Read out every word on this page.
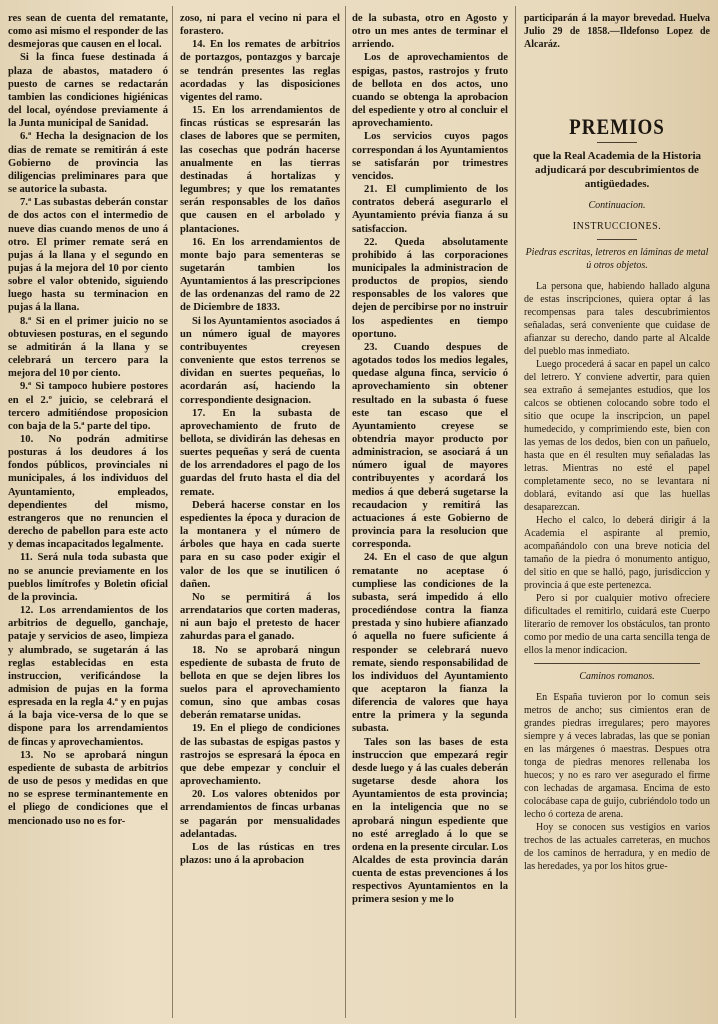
res sean de cuenta del rematante, como asi mismo el responder de las desmejoras que causen en el local.

Si la finca fuese destinada á plaza de abastos, matadero ó puesto de carnes se redactarán tambien las condiciones higiénicas del local, oyéndose previamente á la Junta municipal de Sanidad.

6.ª Hecha la designacion de los dias de remate se remitirán á este Gobierno de provincia las diligencias preliminares para que se autorice la subasta.

7.ª Las subastas deberán constar de dos actos con el intermedio de nueve dias cuando menos de uno á otro. El primer remate será en pujas á la llana y el segundo en pujas á la mejora del 10 por ciento sobre el valor obtenido, siguiendo luego hasta su terminacion en pujas á la llana.

8.ª Si en el primer juicio no se obtuviesen posturas, en el segundo se admitirán á la llana y se celebrará un tercero para la mejora del 10 por ciento.

9.ª Si tampoco hubiere postores en el 2.º juicio, se celebrará el tercero admitiéndose proposicion con baja de la 5.ª parte del tipo.

10. No podrán admitirse posturas á los deudores á los fondos públicos, provinciales ni municipales, á los individuos del Ayuntamiento, empleados, dependientes del mismo, estrangeros que no renuncien el derecho de pabellon para este acto y demas incapacitados legalmente.

11. Será nula toda subasta que no se anuncie previamente en los pueblos limítrofes y Boletin oficial de la provincia.

12. Los arrendamientos de los arbitrios de deguello, ganchaje, pataje y servicios de aseo, limpieza y alumbrado, se sugetarán á las reglas establecidas en esta instruccion, verificándose la admision de pujas en la forma espresada en la regla 4.ª y en pujas á la baja vice-versa de lo que se dispone para los arrendamientos de fincas y aprovechamientos.

13. No se aprobará ningun espediente de subasta de arbitrios de uso de pesos y medidas en que no se esprese terminantemente en el pliego de condiciones que el mencionado uso no es for-

zoso, ni para el vecino ni para el forastero.

14. En los remates de arbitrios de portazgos, pontazgos y barcaje se tendrán presentes las reglas acordadas y las disposiciones vigentes del ramo.

15. En los arrendamientos de fincas rústicas se espresarán las clases de labores que se permiten, las cosechas que podrán hacerse anualmente en las tierras destinadas á hortalizas y legumbres; y que los rematantes serán responsables de los daños que causen en el arbolado y plantaciones.

16. En los arrendamientos de monte bajo para sementeras se sugetarán tambien los Ayuntamientos á las prescripciones de las ordenanzas del ramo de 22 de Diciembre de 1833.

Si los Ayuntamientos asociados á un número igual de mayores contribuyentes creyesen conveniente que estos terrenos se dividan en suertes pequeñas, lo acordarán así, haciendo la correspondiente designacion.

17. En la subasta de aprovechamiento de fruto de bellota, se dividirán las dehesas en suertes pequeñas y será de cuenta de los arrendadores el pago de los guardas del fruto hasta el dia del remate.

Deberá hacerse constar en los espedientes la época y duracion de la montanera y el número de árboles que haya en cada suerte para en su caso poder exigir el valor de los que se inutilicen ó dañen.

No se permitirá á los arrendatarios que corten maderas, ni aun bajo el pretesto de hacer zahurdas para el ganado.

18. No se aprobará ningun espediente de subasta de fruto de bellota en que se dejen libres los suelos para el aprovechamiento comun, sino que ambas cosas deberán rematarse unidas.

19. En el pliego de condiciones de las subastas de espigas pastos y rastrojos se espresará la época en que debe empezar y concluir el aprovechamiento.

20. Los valores obtenidos por arrendamientos de fincas urbanas se pagarán por mensualidades adelantadas.

Los de las rústicas en tres plazos: uno á la aprobacion

de la subasta, otro en Agosto y otro un mes antes de terminar el arriendo.

Los de aprovechamientos de espigas, pastos, rastrojos y fruto de bellota en dos actos, uno cuando se obtenga la aprobacion del espediente y otro al concluir el aprovechamiento.

Los servicios cuyos pagos correspondan á los Ayuntamientos se satisfarán por trimestres vencidos.

21. El cumplimiento de los contratos deberá asegurarlo el Ayuntamiento prévia fianza á su satisfaccion.

22. Queda absolutamente prohibido á las corporaciones municipales la administracion de productos de propios, siendo responsables de los valores que dejen de percibirse por no instruir los aspedientes en tiempo oportuno.

23. Cuando despues de agotados todos los medios legales, quedase alguna finca, servicio ó aprovechamiento sin obtener resultado en la subasta ó fuese este tan escaso que el Ayuntamiento creyese se obtendria mayor producto por administracion, se asociará á un número igual de mayores contribuyentes y acordará los medios á que deberá sugetarse la recaudacion y remitirá las actuaciones á este Gobierno de provincia para la resolucion que corresponda.

24. En el caso de que algun rematante no aceptase ó cumpliese las condiciones de la subasta, será impedido á ello procediéndose contra la fianza prestada y sino hubiere afianzado ó aquella no fuere suficiente á responder se celebrará nuevo remate, siendo responsabilidad de los individuos del Ayuntamiento que aceptaron la fianza la diferencia de valores que haya entre la primera y la segunda subasta.

Tales son las bases de esta instruccion que empezará regir desde luego y á las cuales deberán sugetarse desde ahora los Ayuntamientos de esta provincia; en la inteligencia que no se aprobará ningun espediente que no esté arreglado á lo que se ordena en la presente circular. Los Alcaldes de esta provincia darán cuenta de estas prevenciones á los respectivos Ayuntamientos en la primera sesion y me lo

participarán á la mayor brevedad. Huelva Julio 29 de 1858.—Ildefonso Lopez de Alcaráz.

PREMIOS

que la Real Academia de la Historia adjudicará por descubrimientos de antigüedades.

Continuacion.

INSTRUCCIONES.

Piedras escritas, letreros en láminas de metal ú otros objetos.

La persona que, habiendo hallado alguna de estas inscripciones, quiera optar á las recompensas para tales descubrimientos señaladas, será conveniente que cuidase de afianzar su derecho, dando parte al Alcalde del pueblo mas inmediato.

Luego procederá á sacar en papel un calco del letrero. Y conviene advertir, para quien sea extraño á semejantes estudios, que los calcos se obtienen colocando sobre todo el sitio que ocupe la inscripcion, un papel humedecido, y comprimiendo este, bien con las yemas de los dedos, bien con un pañuelo, hasta que en él resulten muy señaladas las letras. Mientras no esté el papel completamente seco, no se levantara ni doblará, evitando así que las huellas desaparezcan.

Hecho el calco, lo deberá dirigir á la Academia el aspirante al premio, acompañándolo con una breve noticia del tamaño de la piedra ó monumento antiguo, del sitio en que se halló, pago, jurisdiccion y provincia á que este pertenezca.

Pero si por cualquier motivo ofreciere dificultades el remitirlo, cuidará este Cuerpo literario de remover los obstáculos, tan pronto como por medio de una carta sencilla tenga de ellos la menor indicacion.

Caminos romanos.

En España tuvieron por lo comun seis metros de ancho; sus cimientos eran de grandes piedras irregulares; pero mayores siempre y á veces labradas, las que se ponian en las márgenes ó maestras. Despues otra tonga de piedras menores rellenaba los huecos; y no es raro ver asegurado el firme con lechadas de argamasa. Encima de esto colocábase capa de guijo, cubriéndolo todo un lecho ó corteza de arena.

Hoy se conocen sus vestigios en varios trechos de las actuales carreteras, en muchos de los caminos de herradura, y en medio de las heredades, ya por los hitos grue-
